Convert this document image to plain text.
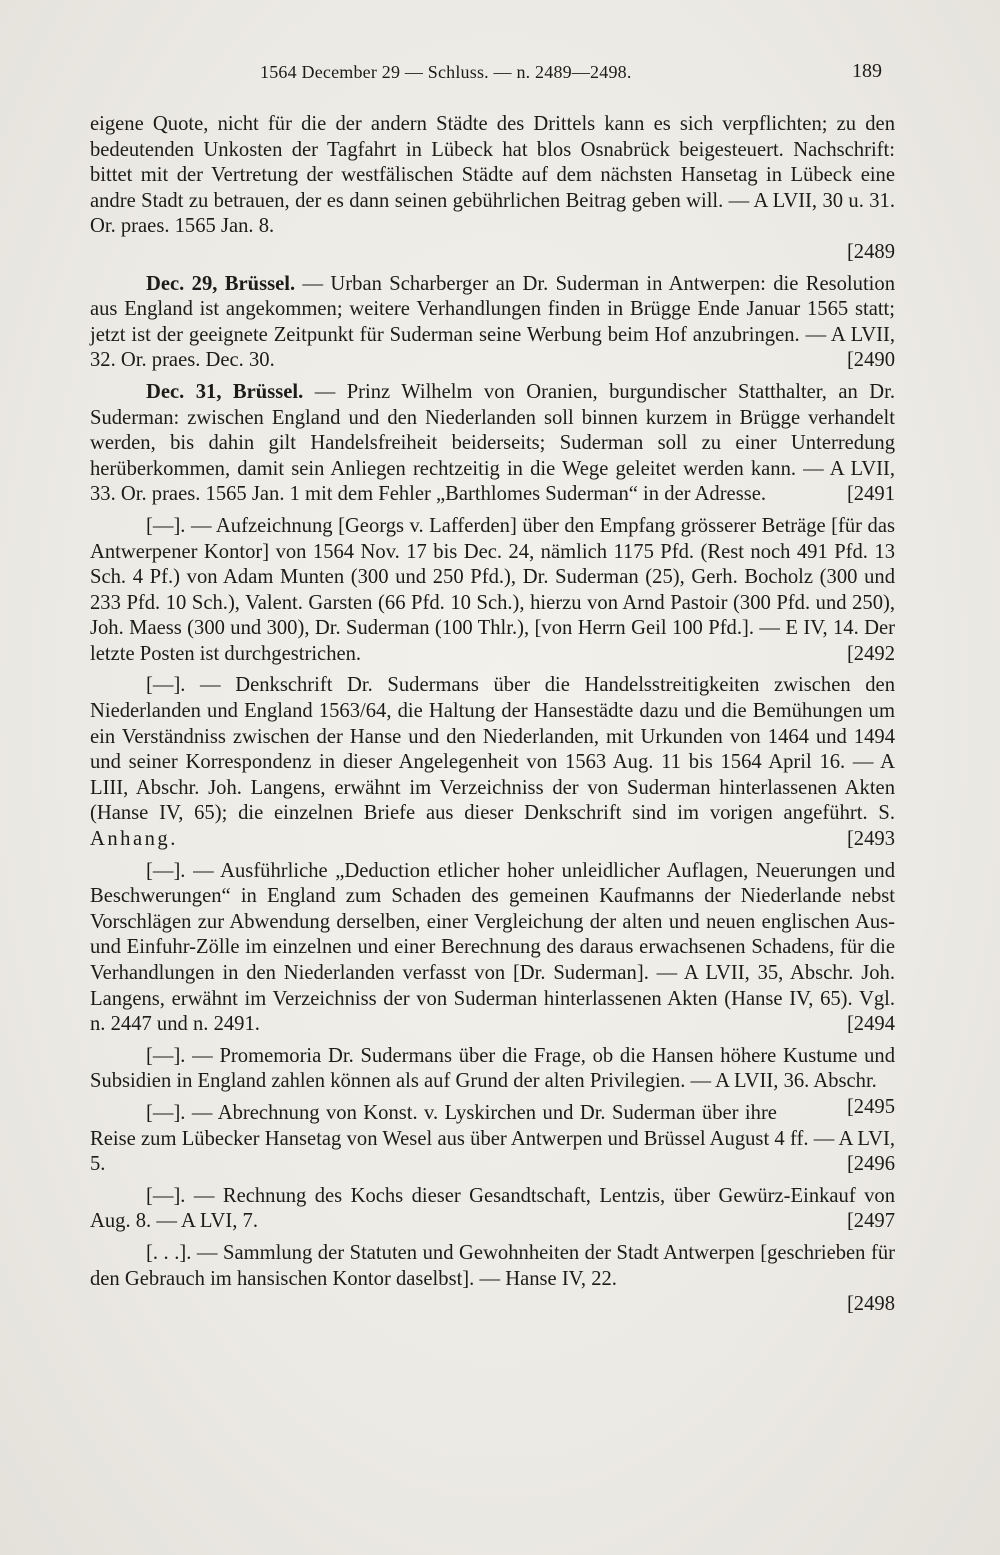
1564 December 29 — Schluss. — n. 2489—2498.	189

eigene Quote, nicht für die der andern Städte des Drittels kann es sich verpflichten; zu den bedeutenden Unkosten der Tagfahrt in Lübeck hat blos Osnabrück beigesteuert. Nachschrift: bittet mit der Vertretung der westfälischen Städte auf dem nächsten Hansetag in Lübeck eine andre Stadt zu betrauen, der es dann seinen gebührlichen Beitrag geben will. — A LVII, 30 u. 31. Or. praes. 1565 Jan. 8.
[2489

Dec. 29, Brüssel. — Urban Scharberger an Dr. Suderman in Antwerpen: die Resolution aus England ist angekommen; weitere Verhandlungen finden in Brügge Ende Januar 1565 statt; jetzt ist der geeignete Zeitpunkt für Suderman seine Werbung beim Hof anzubringen. — A LVII, 32. Or. praes. Dec. 30.	[2490

Dec. 31, Brüssel. — Prinz Wilhelm von Oranien, burgundischer Statthalter, an Dr. Suderman: zwischen England und den Niederlanden soll binnen kurzem in Brügge verhandelt werden, bis dahin gilt Handelsfreiheit beiderseits; Suderman soll zu einer Unterredung herüberkommen, damit sein Anliegen rechtzeitig in die Wege geleitet werden kann. — A LVII, 33. Or. praes. 1565 Jan. 1 mit dem Fehler „Barthlomes Suderman“ in der Adresse.	[2491

[—]. — Aufzeichnung [Georgs v. Lafferden] über den Empfang grösserer Beträge [für das Antwerpener Kontor] von 1564 Nov. 17 bis Dec. 24, nämlich 1175 Pfd. (Rest noch 491 Pfd. 13 Sch. 4 Pf.) von Adam Munten (300 und 250 Pfd.), Dr. Suderman (25), Gerh. Bocholz (300 und 233 Pfd. 10 Sch.), Valent. Garsten (66 Pfd. 10 Sch.), hierzu von Arnd Pastoir (300 Pfd. und 250), Joh. Maess (300 und 300), Dr. Suderman (100 Thlr.), [von Herrn Geil 100 Pfd.]. — E IV, 14. Der letzte Posten ist durchgestrichen.	[2492

[—]. — Denkschrift Dr. Sudermans über die Handelsstreitigkeiten zwischen den Niederlanden und England 1563/64, die Haltung der Hansestädte dazu und die Bemühungen um ein Verständniss zwischen der Hanse und den Niederlanden, mit Urkunden von 1464 und 1494 und seiner Korrespondenz in dieser Angelegenheit von 1563 Aug. 11 bis 1564 April 16. — A LIII, Abschr. Joh. Langens, erwähnt im Verzeichniss der von Suderman hinterlassenen Akten (Hanse IV, 65); die einzelnen Briefe aus dieser Denkschrift sind im vorigen angeführt. S. Anhang.	[2493

[—]. — Ausführliche „Deduction etlicher hoher unleidlicher Auflagen, Neuerungen und Beschwerungen“ in England zum Schaden des gemeinen Kaufmanns der Niederlande nebst Vorschlägen zur Abwendung derselben, einer Vergleichung der alten und neuen englischen Aus- und Einfuhr-Zölle im einzelnen und einer Berechnung des daraus erwachsenen Schadens, für die Verhandlungen in den Niederlanden verfasst von [Dr. Suderman]. — A LVII, 35, Abschr. Joh. Langens, erwähnt im Verzeichniss der von Suderman hinterlassenen Akten (Hanse IV, 65). Vgl. n. 2447 und n. 2491.	[2494

[—]. — Promemoria Dr. Sudermans über die Frage, ob die Hansen höhere Kustume und Subsidien in England zahlen können als auf Grund der alten Privilegien. — A LVII, 36. Abschr.
[2495

[—]. — Abrechnung von Konst. v. Lyskirchen und Dr. Suderman über ihre Reise zum Lübecker Hansetag von Wesel aus über Antwerpen und Brüssel August 4 ff. — A LVI, 5.	[2496

[—]. — Rechnung des Kochs dieser Gesandtschaft, Lentzis, über Gewürz-Einkauf von Aug. 8. — A LVI, 7.	[2497

[. . .]. — Sammlung der Statuten und Gewohnheiten der Stadt Antwerpen [geschrieben für den Gebrauch im hansischen Kontor daselbst]. — Hanse IV, 22.
[2498
